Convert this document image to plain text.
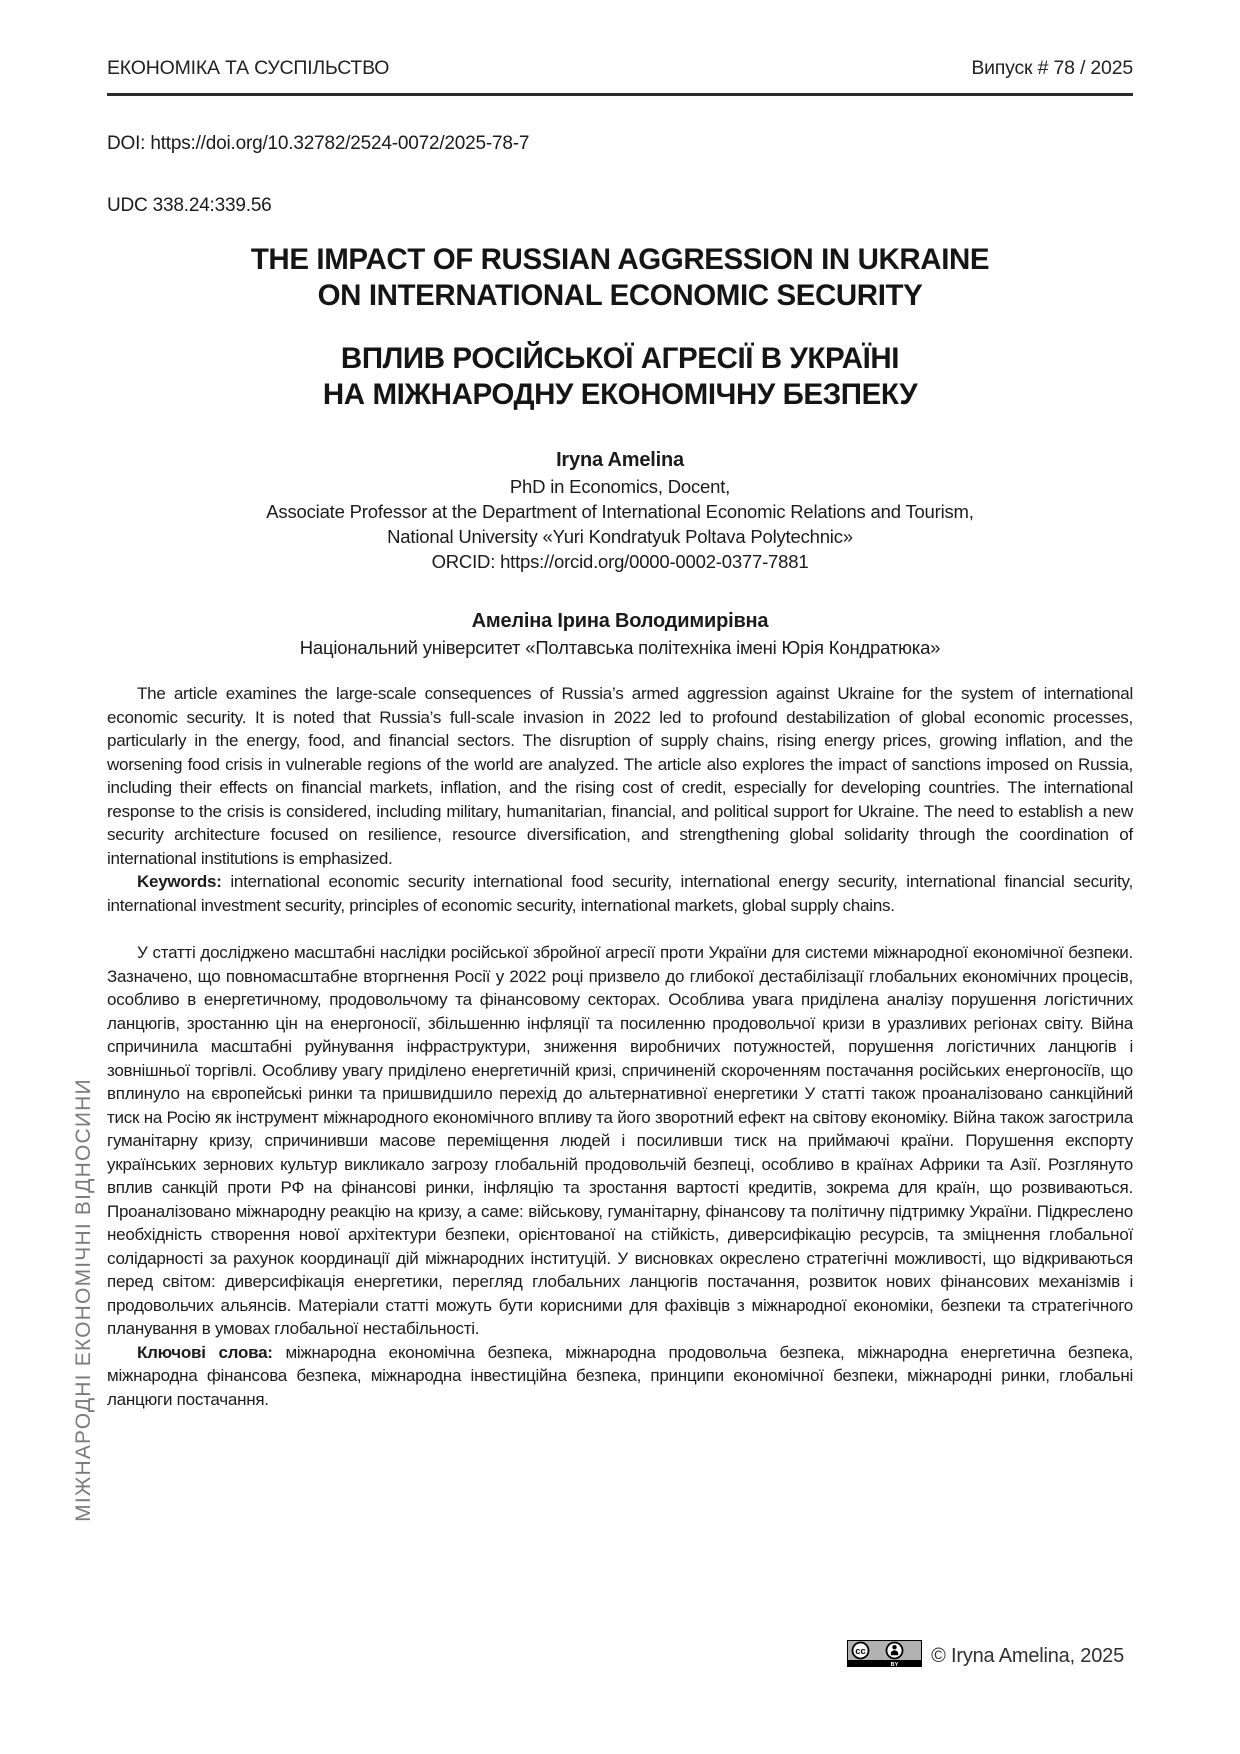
МІЖНАРОДНІ ЕКОНОМІЧНІ ВІДНОСИНИ
ЕКОНОМІКА ТА СУСПІЛЬСТВО	Випуск # 78 / 2025
DOI: https://doi.org/10.32782/2524-0072/2025-78-7
UDC 338.24:339.56
THE IMPACT OF RUSSIAN AGGRESSION IN UKRAINE
ON INTERNATIONAL ECONOMIC SECURITY
ВПЛИВ РОСІЙСЬКОЇ АГРЕСІЇ В УКРАЇНІ
НА МІЖНАРОДНУ ЕКОНОМІЧНУ БЕЗПЕКУ
Iryna Amelina
PhD in Economics, Docent,
Associate Professor at the Department of International Economic Relations and Tourism,
National University «Yuri Kondratyuk Poltava Polytechnic»
ORCID: https://orcid.org/0000-0002-0377-7881
Амеліна Ірина Володимирівна
Національний університет «Полтавська політехніка імені Юрія Кондратюка»

The article examines the large-scale consequences of Russia’s armed aggression against Ukraine for the system of international economic security. It is noted that Russia’s full-scale invasion in 2022 led to profound destabilization of global economic processes, particularly in the energy, food, and financial sectors. The disruption of supply chains, rising energy prices, growing inflation, and the worsening food crisis in vulnerable regions of the world are analyzed. The article also explores the impact of sanctions imposed on Russia, including their effects on financial markets, inflation, and the rising cost of credit, especially for developing countries. The international response to the crisis is considered, including military, humanitarian, financial, and political support for Ukraine. The need to establish a new security architecture focused on resilience, resource diversification, and strengthening global solidarity through the coordination of international institutions is emphasized.

Keywords: international economic security international food security, international energy security, international financial security, international investment security, principles of economic security, international markets, global supply chains.

У статті досліджено масштабні наслідки російської збройної агресії проти України для системи міжнародної економічної безпеки. Зазначено, що повномасштабне вторгнення Росії у 2022 році призвело до глибокої дестабілізації глобальних економічних процесів, особливо в енергетичному, продовольчому та фінансовому секторах. Особлива увага приділена аналізу порушення логістичних ланцюгів, зростанню цін на енергоносії, збільшенню інфляції та посиленню продовольчої кризи в уразливих регіонах світу. Війна спричинила масштабні руйнування інфраструктури, зниження виробничих потужностей, порушення логістичних ланцюгів і зовнішньої торгівлі. Особливу увагу приділено енергетичній кризі, спричиненій скороченням постачання російських енергоносіїв, що вплинуло на європейські ринки та пришвидшило перехід до альтернативної енергетики У статті також проаналізовано санкційний тиск на Росію як інструмент міжнародного економічного впливу та його зворотний ефект на світову економіку. Війна також загострила гуманітарну кризу, спричинивши масове переміщення людей і посиливши тиск на приймаючі країни. Порушення експорту українських зернових культур викликало загрозу глобальній продовольчій безпеці, особливо в країнах Африки та Азії. Розглянуто вплив санкцій проти РФ на фінансові ринки, інфляцію та зростання вартості кредитів, зокрема для країн, що розвиваються. Проаналізовано міжнародну реакцію на кризу, а саме: військову, гуманітарну, фінансову та політичну підтримку України. Підкреслено необхідність створення нової архітектури безпеки, орієнтованої на стійкість, диверсифікацію ресурсів, та зміцнення глобальної солідарності за рахунок координації дій міжнародних інституцій. У висновках окреслено стратегічні можливості, що відкриваються перед світом: диверсифікація енергетики, перегляд глобальних ланцюгів постачання, розвиток нових фінансових механізмів і продовольчих альянсів. Матеріали статті можуть бути корисними для фахівців з міжнародної економіки, безпеки та стратегічного планування в умовах глобальної нестабільності.

Ключові слова: міжнародна економічна безпека, міжнародна продовольча безпека, міжнародна енергетична безпека, міжнародна фінансова безпека, міжнародна інвестиційна безпека, принципи економічної безпеки, міжнародні ринки, глобальні ланцюги постачання.

cc
BY © Iryna Amelina, 2025
